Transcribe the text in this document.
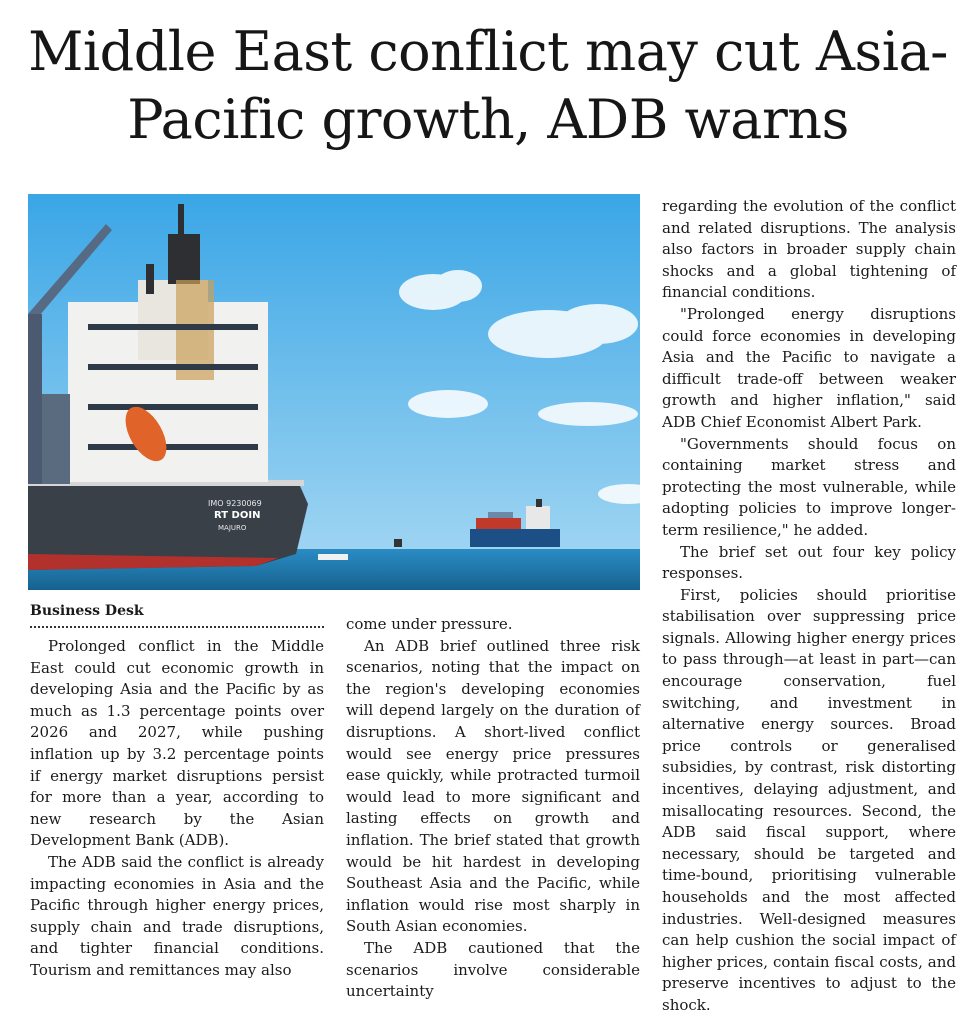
Middle East conflict may cut Asia-Pacific growth, ADB warns
IMO 9230069
RT DOIN
MAJURO
Business Desk

Prolonged conflict in the Middle East could cut economic growth in developing Asia and the Pacific by as much as 1.3 percentage points over 2026 and 2027, while pushing inflation up by 3.2 percentage points if energy market disruptions persist for more than a year, according to new research by the Asian Development Bank (ADB).

The ADB said the conflict is already impacting economies in Asia and the Pacific through higher energy prices, supply chain and trade disruptions, and tighter financial conditions. Tourism and remittances may also

come under pressure.

An ADB brief outlined three risk scenarios, noting that the impact on the region's developing economies will depend largely on the duration of disruptions. A short-lived conflict would see energy price pressures ease quickly, while protracted turmoil would lead to more significant and lasting effects on growth and inflation. The brief stated that growth would be hit hardest in developing Southeast Asia and the Pacific, while inflation would rise most sharply in South Asian economies.

The ADB cautioned that the scenarios involve considerable uncertainty

regarding the evolution of the conflict and related disruptions. The analysis also factors in broader supply chain shocks and a global tightening of financial conditions.

"Prolonged energy disruptions could force economies in developing Asia and the Pacific to navigate a difficult trade-off between weaker growth and higher inflation," said ADB Chief Economist Albert Park.

"Governments should focus on containing market stress and protecting the most vulnerable, while adopting policies to improve longer-term resilience," he added.

The brief set out four key policy responses.

First, policies should prioritise stabilisation over suppressing price signals. Allowing higher energy prices to pass through—at least in part—can encourage conservation, fuel switching, and investment in alternative energy sources. Broad price controls or generalised subsidies, by contrast, risk distorting incentives, delaying adjustment, and misallocating resources. Second, the ADB said fiscal support, where necessary, should be targeted and time-bound, prioritising vulnerable households and the most affected industries. Well-designed measures can help cushion the social impact of higher prices, contain fiscal costs, and preserve incentives to adjust to the shock.
